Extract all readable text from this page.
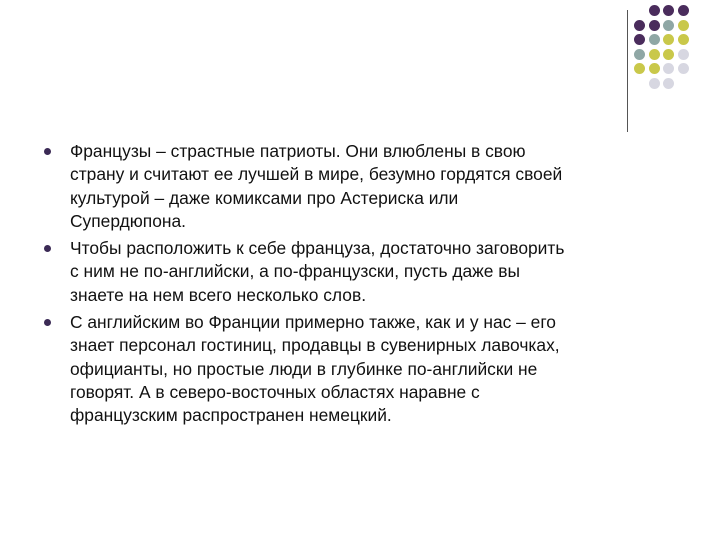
Французы – страстные патриоты. Они влюблены в свою
страну и считают ее лучшей в мире, безумно гордятся своей
культурой – даже комиксами про Астериска или
Супердюпона.
Чтобы расположить к себе француза, достаточно заговорить
с ним не по-английски, а по-французски, пусть даже вы
знаете на нем всего несколько слов.
С английским во Франции примерно также, как и у нас – его
знает персонал гостиниц, продавцы в сувенирных лавочках,
официанты, но простые люди в глубинке по-английски не
говорят. А в северо-восточных областях наравне с
французским распространен немецкий.
